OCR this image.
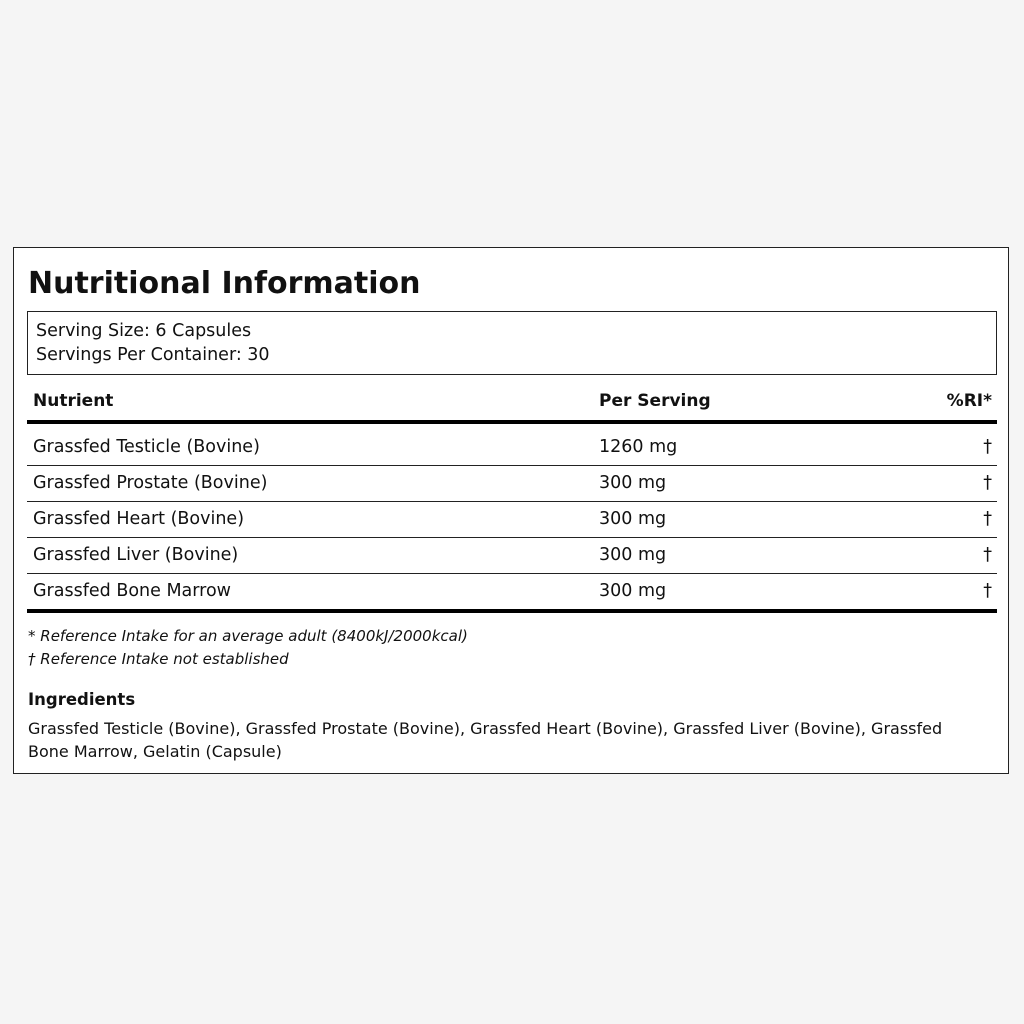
Nutritional Information
Serving Size: 6 Capsules
Servings Per Container: 30
Nutrient	Per Serving	%RI*
Grassfed Testicle (Bovine)	1260 mg	†
Grassfed Prostate (Bovine)	300 mg	†
Grassfed Heart (Bovine)	300 mg	†
Grassfed Liver (Bovine)	300 mg	†
Grassfed Bone Marrow	300 mg	†
* Reference Intake for an average adult (8400kJ/2000kcal)
† Reference Intake not established
Ingredients
Grassfed Testicle (Bovine), Grassfed Prostate (Bovine), Grassfed Heart (Bovine), Grassfed Liver (Bovine), Grassfed Bone Marrow, Gelatin (Capsule)
